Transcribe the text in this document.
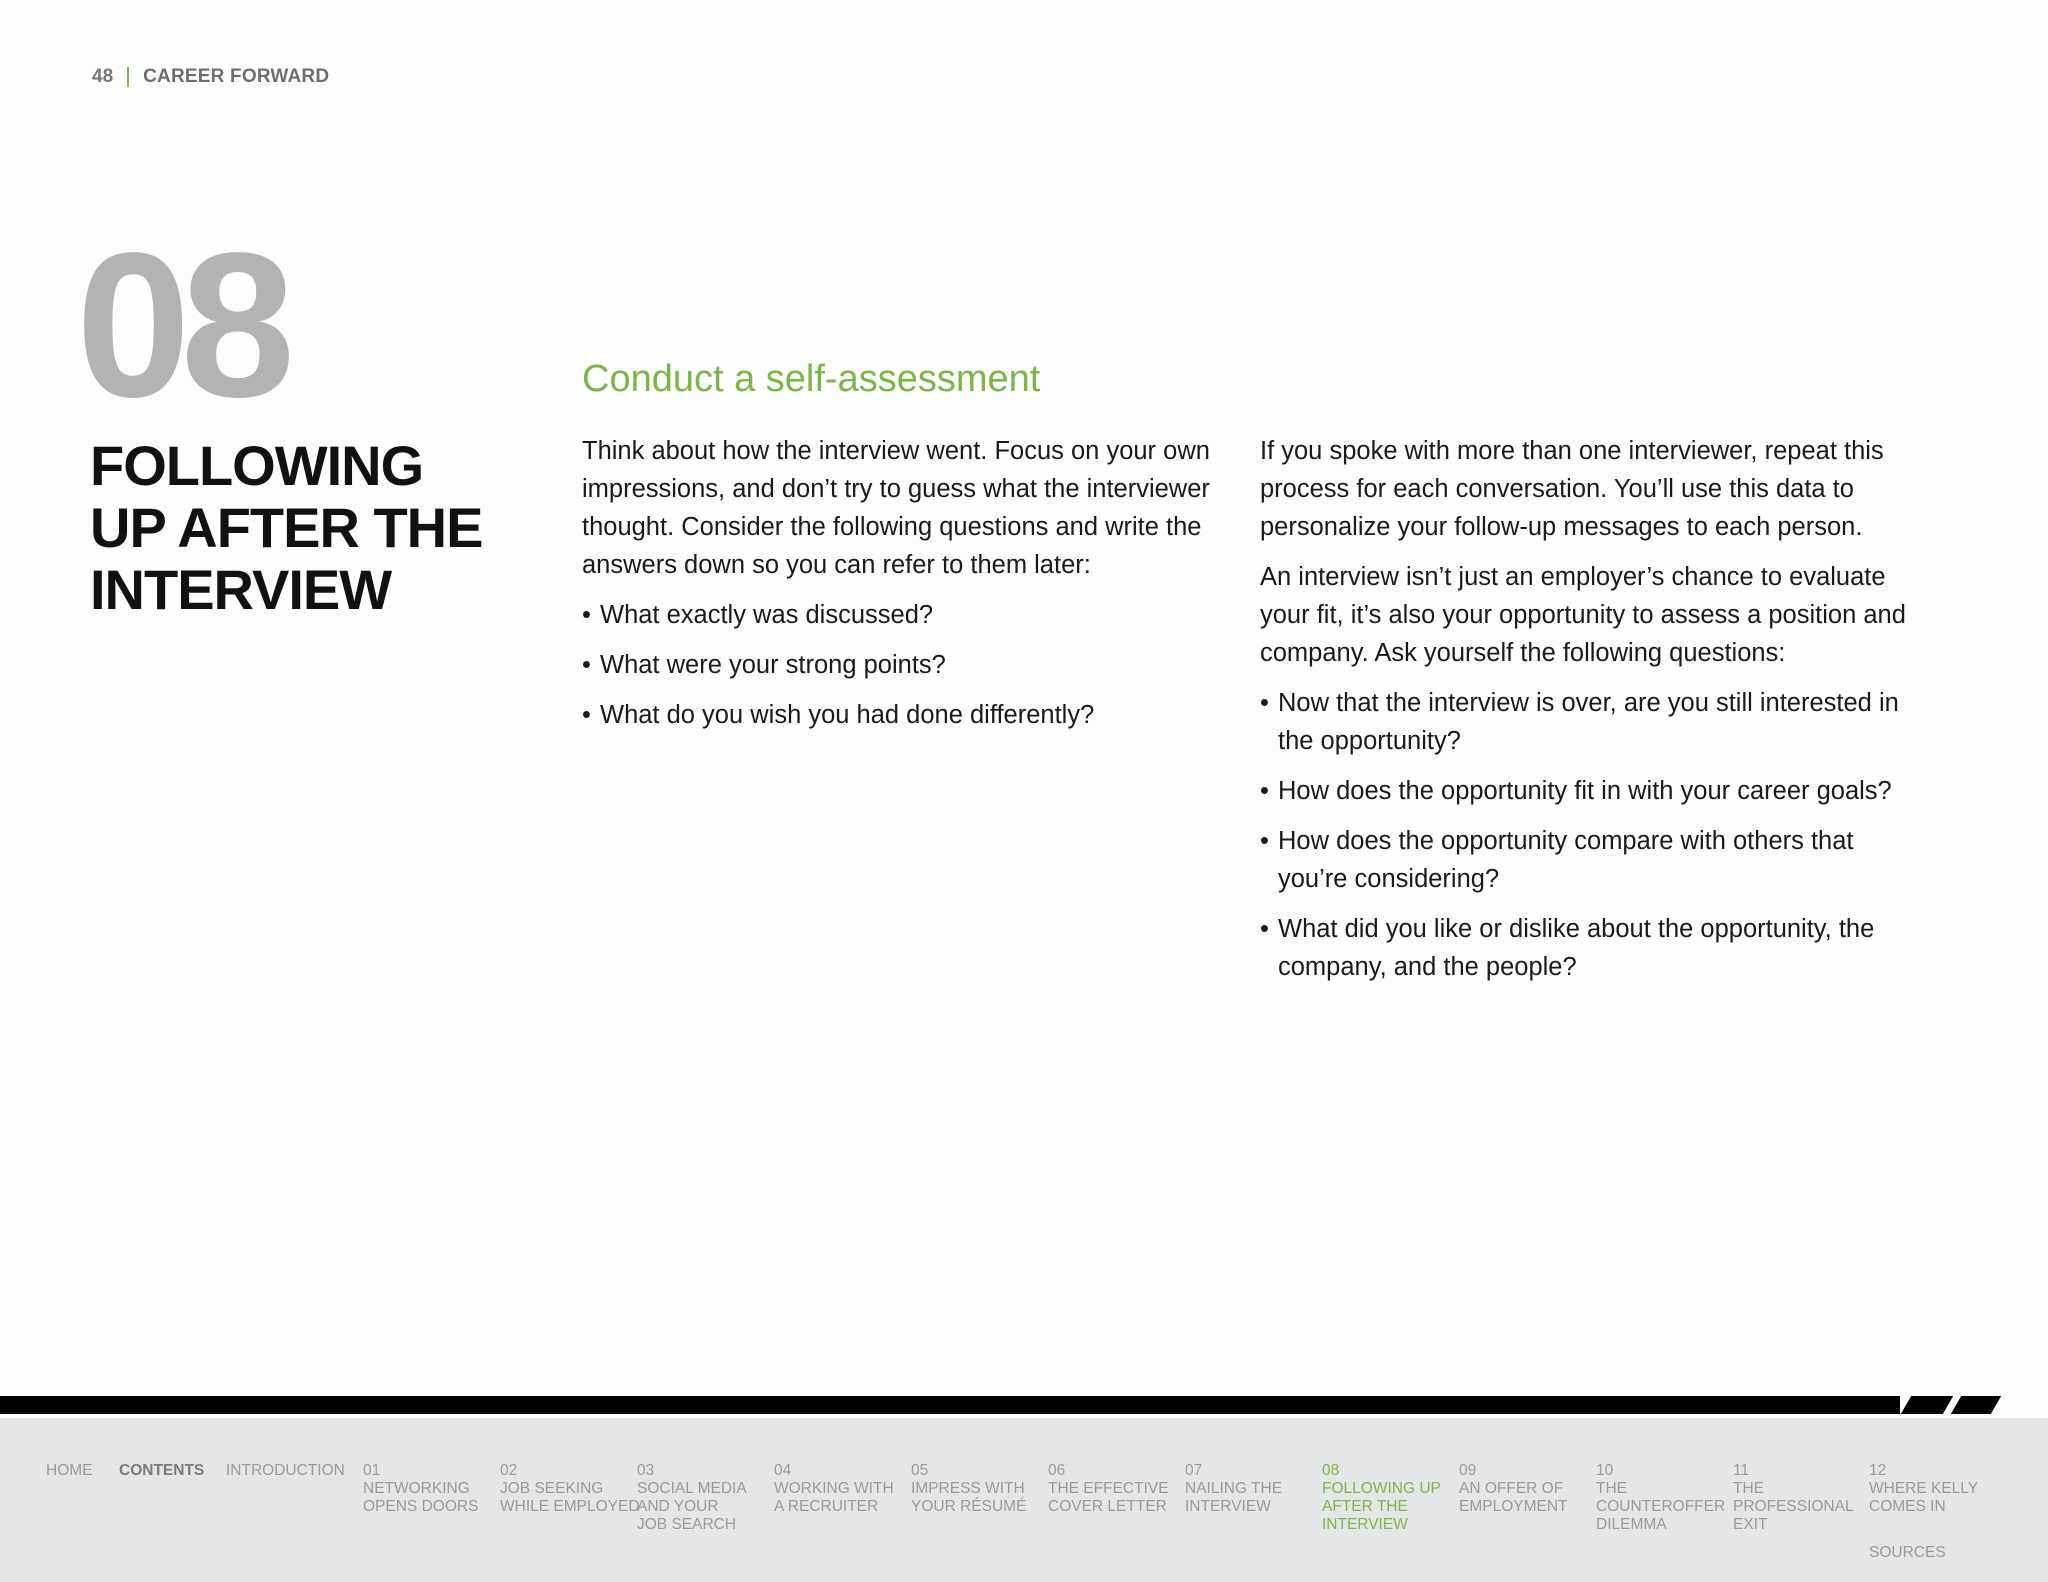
48 CAREER FORWARD
08
FOLLOWING
UP AFTER THE
INTERVIEW
Conduct a self-assessment

Think about how the interview went. Focus on your own impressions, and don’t try to guess what the interviewer thought. Consider the following questions and write the answers down so you can refer to them later:

• What exactly was discussed?
• What were your strong points?
• What do you wish you had done differently?

If you spoke with more than one interviewer, repeat this process for each conversation. You’ll use this data to personalize your follow-up messages to each person.

An interview isn’t just an employer’s chance to evaluate your fit, it’s also your opportunity to assess a position and company. Ask yourself the following questions:

• Now that the interview is over, are you still interested in the opportunity?
• How does the opportunity fit in with your career goals?
• How does the opportunity compare with others that you’re considering?
• What did you like or dislike about the opportunity, the company, and the people?
HOME CONTENTS INTRODUCTION 01
NETWORKING
OPENS DOORS
02
JOB SEEKING
WHILE EMPLOYED
03
SOCIAL MEDIA
AND YOUR
JOB SEARCH
04
WORKING WITH
A RECRUITER
05
IMPRESS WITH
YOUR RÉSUMÉ
06
THE EFFECTIVE
COVER LETTER
07
NAILING THE
INTERVIEW
08
FOLLOWING UP
AFTER THE
INTERVIEW
09
AN OFFER OF
EMPLOYMENT
10
THE
COUNTEROFFER
DILEMMA
11
THE
PROFESSIONAL
EXIT
12
WHERE KELLY
COMES IN
SOURCES
